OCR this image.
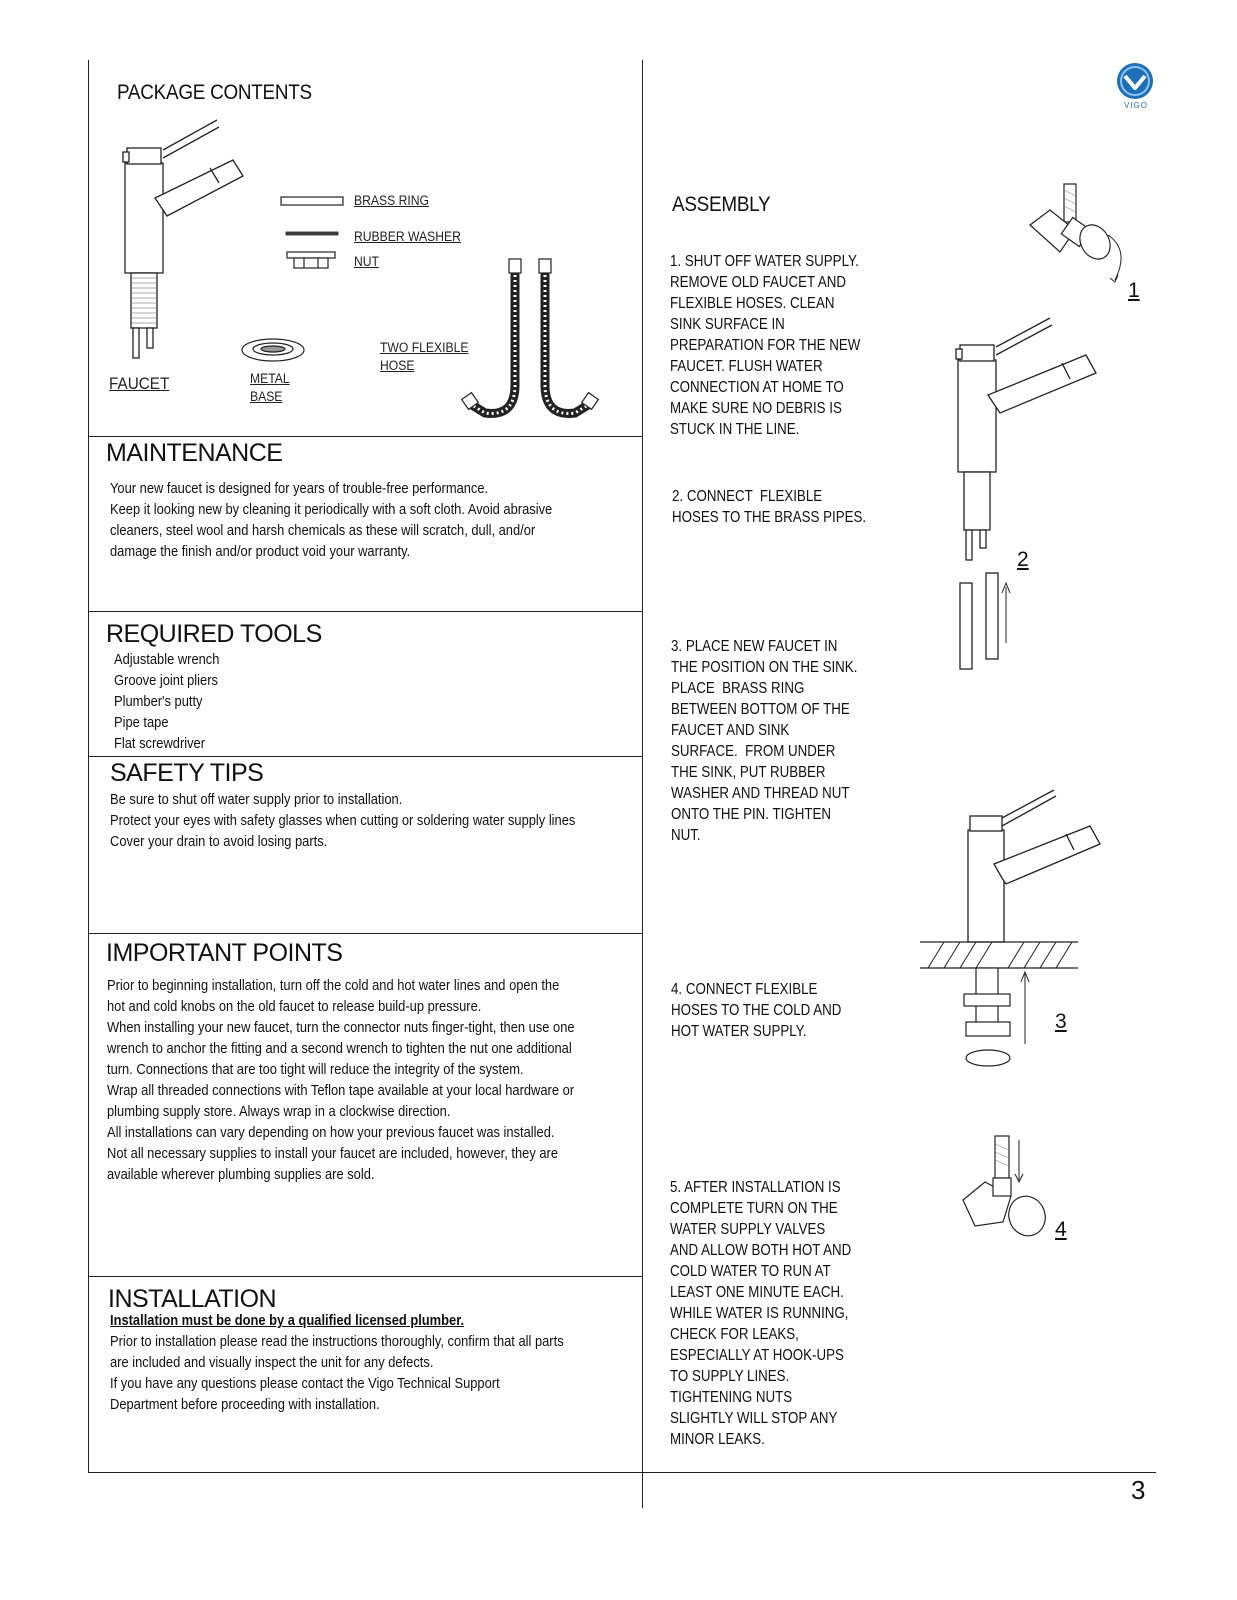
PACKAGE CONTENTS
BRASS RING
RUBBER WASHER
NUT
TWO FLEXIBLE
HOSE
FAUCET	METAL
BASE
MAINTENANCE
Your new faucet is designed for years of trouble-free performance.
Keep it looking new by cleaning it periodically with a soft cloth. Avoid abrasive
cleaners, steel wool and harsh chemicals as these will scratch, dull, and/or
damage the finish and/or product void your warranty.
REQUIRED TOOLS
Adjustable wrench
Groove joint pliers
Plumber's putty
Pipe tape
Flat screwdriver
SAFETY TIPS
Be sure to shut off water supply prior to installation.
Protect your eyes with safety glasses when cutting or soldering water supply lines
Cover your drain to avoid losing parts.
IMPORTANT POINTS
Prior to beginning installation, turn off the cold and hot water lines and open the
hot and cold knobs on the old faucet to release build-up pressure.
When installing your new faucet, turn the connector nuts finger-tight, then use one
wrench to anchor the fitting and a second wrench to tighten the nut one additional
turn. Connections that are too tight will reduce the integrity of the system.
Wrap all threaded connections with Teflon tape available at your local hardware or
plumbing supply store. Always wrap in a clockwise direction.
All installations can vary depending on how your previous faucet was installed.
Not all necessary supplies to install your faucet are included, however, they are
available wherever plumbing supplies are sold.
INSTALLATION
Installation must be done by a qualified licensed plumber.
Prior to installation please read the instructions thoroughly, confirm that all parts
are included and visually inspect the unit for any defects.
If you have any questions please contact the Vigo Technical Support
Department before proceeding with installation.
VIGO
ASSEMBLY
1. SHUT OFF WATER SUPPLY.
REMOVE OLD FAUCET AND
FLEXIBLE HOSES. CLEAN
SINK SURFACE IN
PREPARATION FOR THE NEW
FAUCET. FLUSH WATER
CONNECTION AT HOME TO
MAKE SURE NO DEBRIS IS
STUCK IN THE LINE.
2. CONNECT  FLEXIBLE
HOSES TO THE BRASS PIPES.
3. PLACE NEW FAUCET IN
THE POSITION ON THE SINK.
PLACE  BRASS RING
BETWEEN BOTTOM OF THE
FAUCET AND SINK
SURFACE.  FROM UNDER
THE SINK, PUT RUBBER
WASHER AND THREAD NUT
ONTO THE PIN. TIGHTEN
NUT.
4. CONNECT FLEXIBLE
HOSES TO THE COLD AND
HOT WATER SUPPLY.
5. AFTER INSTALLATION IS
COMPLETE TURN ON THE
WATER SUPPLY VALVES
AND ALLOW BOTH HOT AND
COLD WATER TO RUN AT
LEAST ONE MINUTE EACH.
WHILE WATER IS RUNNING,
CHECK FOR LEAKS,
ESPECIALLY AT HOOK-UPS
TO SUPPLY LINES.
TIGHTENING NUTS
SLIGHTLY WILL STOP ANY
MINOR LEAKS.
1
2
3
4
3
